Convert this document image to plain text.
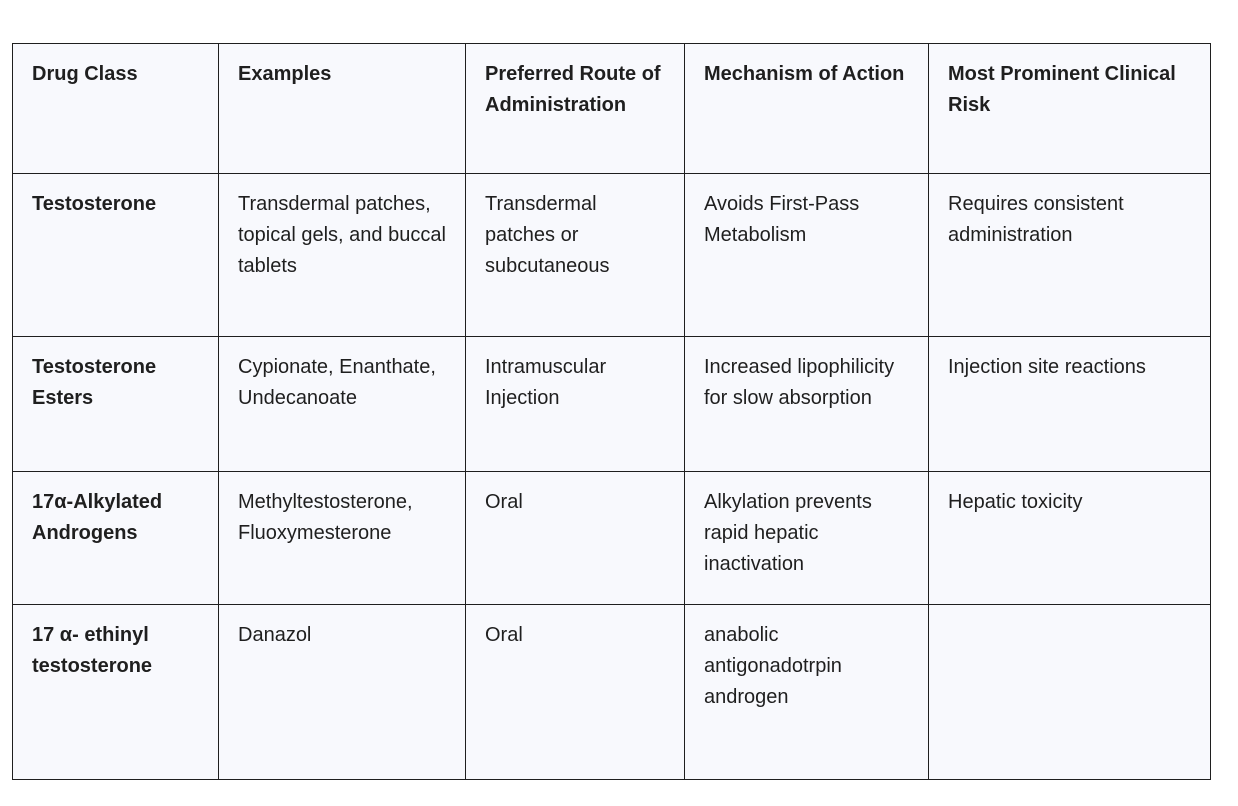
Drug Class	Examples	Preferred Route of Administration	Mechanism of Action	Most Prominent Clinical Risk
Testosterone	Transdermal patches, topical gels, and buccal tablets	Transdermal patches or subcutaneous	Avoids First-Pass Metabolism	Requires consistent administration
Testosterone Esters	Cypionate, Enanthate, Undecanoate	Intramuscular Injection	Increased lipophilicity for slow absorption	Injection site reactions
17α-Alkylated Androgens	Methyltestosterone, Fluoxymesterone	Oral	Alkylation prevents rapid hepatic inactivation	Hepatic toxicity
17 α- ethinyl testosterone	Danazol	Oral	anabolic antigonadotrpin androgen	
